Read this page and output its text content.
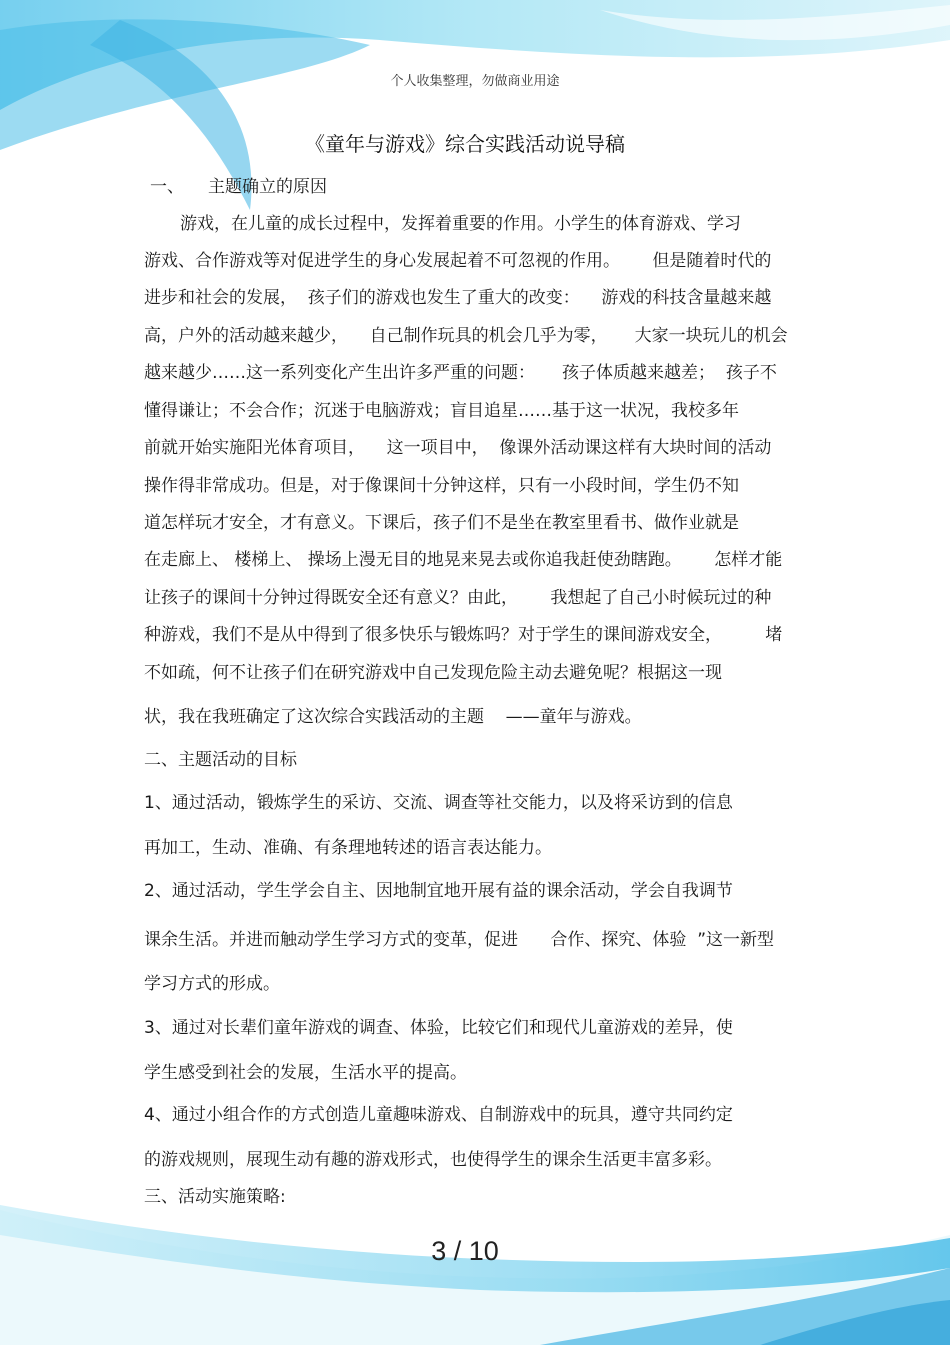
个人收集整理，勿做商业用途
《童年与游戏》综合实践活动说导稿
一、 主题确立的原因
游戏，在儿童的成长过程中，发挥着重要的作用。小学生的体育游戏、学习
游戏、合作游戏等对促进学生的身心发展起着不可忽视的作用。      但是随着时代的
进步和社会的发展，  孩子们的游戏也发生了重大的改变：    游戏的科技含量越来越
高，户外的活动越来越少，    自己制作玩具的机会几乎为零，     大家一块玩儿的机会
越来越少……这一系列变化产生出许多严重的问题：     孩子体质越来越差；  孩子不
懂得谦让；不会合作；沉迷于电脑游戏；盲目追星……基于这一状况，我校多年
前就开始实施阳光体育项目，    这一项目中，  像课外活动课这样有大块时间的活动
操作得非常成功。但是，对于像课间十分钟这样，只有一小段时间，学生仍不知
道怎样玩才安全，才有意义。下课后，孩子们不是坐在教室里看书、做作业就是
在走廊上、 楼梯上、 操场上漫无目的地晃来晃去或你追我赶使劲瞎跑。      怎样才能
让孩子的课间十分钟过得既安全还有意义？由此，      我想起了自己小时候玩过的种
种游戏，我们不是从中得到了很多快乐与锻炼吗？对于学生的课间游戏安全，        堵
不如疏，何不让孩子们在研究游戏中自己发现危险主动去避免呢？根据这一现
状，我在我班确定了这次综合实践活动的主题    ——童年与游戏。
二、主题活动的目标
1、通过活动，锻炼学生的采访、交流、调查等社交能力，以及将采访到的信息
再加工，生动、准确、有条理地转述的语言表达能力。
2、通过活动，学生学会自主、因地制宜地开展有益的课余活动，学会自我调节
课余生活。并进而触动学生学习方式的变革，促进      合作、探究、体验  ”这一新型
学习方式的形成。
3、通过对长辈们童年游戏的调查、体验，比较它们和现代儿童游戏的差异，使
学生感受到社会的发展，生活水平的提高。
4、通过小组合作的方式创造儿童趣味游戏、自制游戏中的玩具，遵守共同约定
的游戏规则，展现生动有趣的游戏形式，也使得学生的课余生活更丰富多彩。
三、活动实施策略:
3 / 10
